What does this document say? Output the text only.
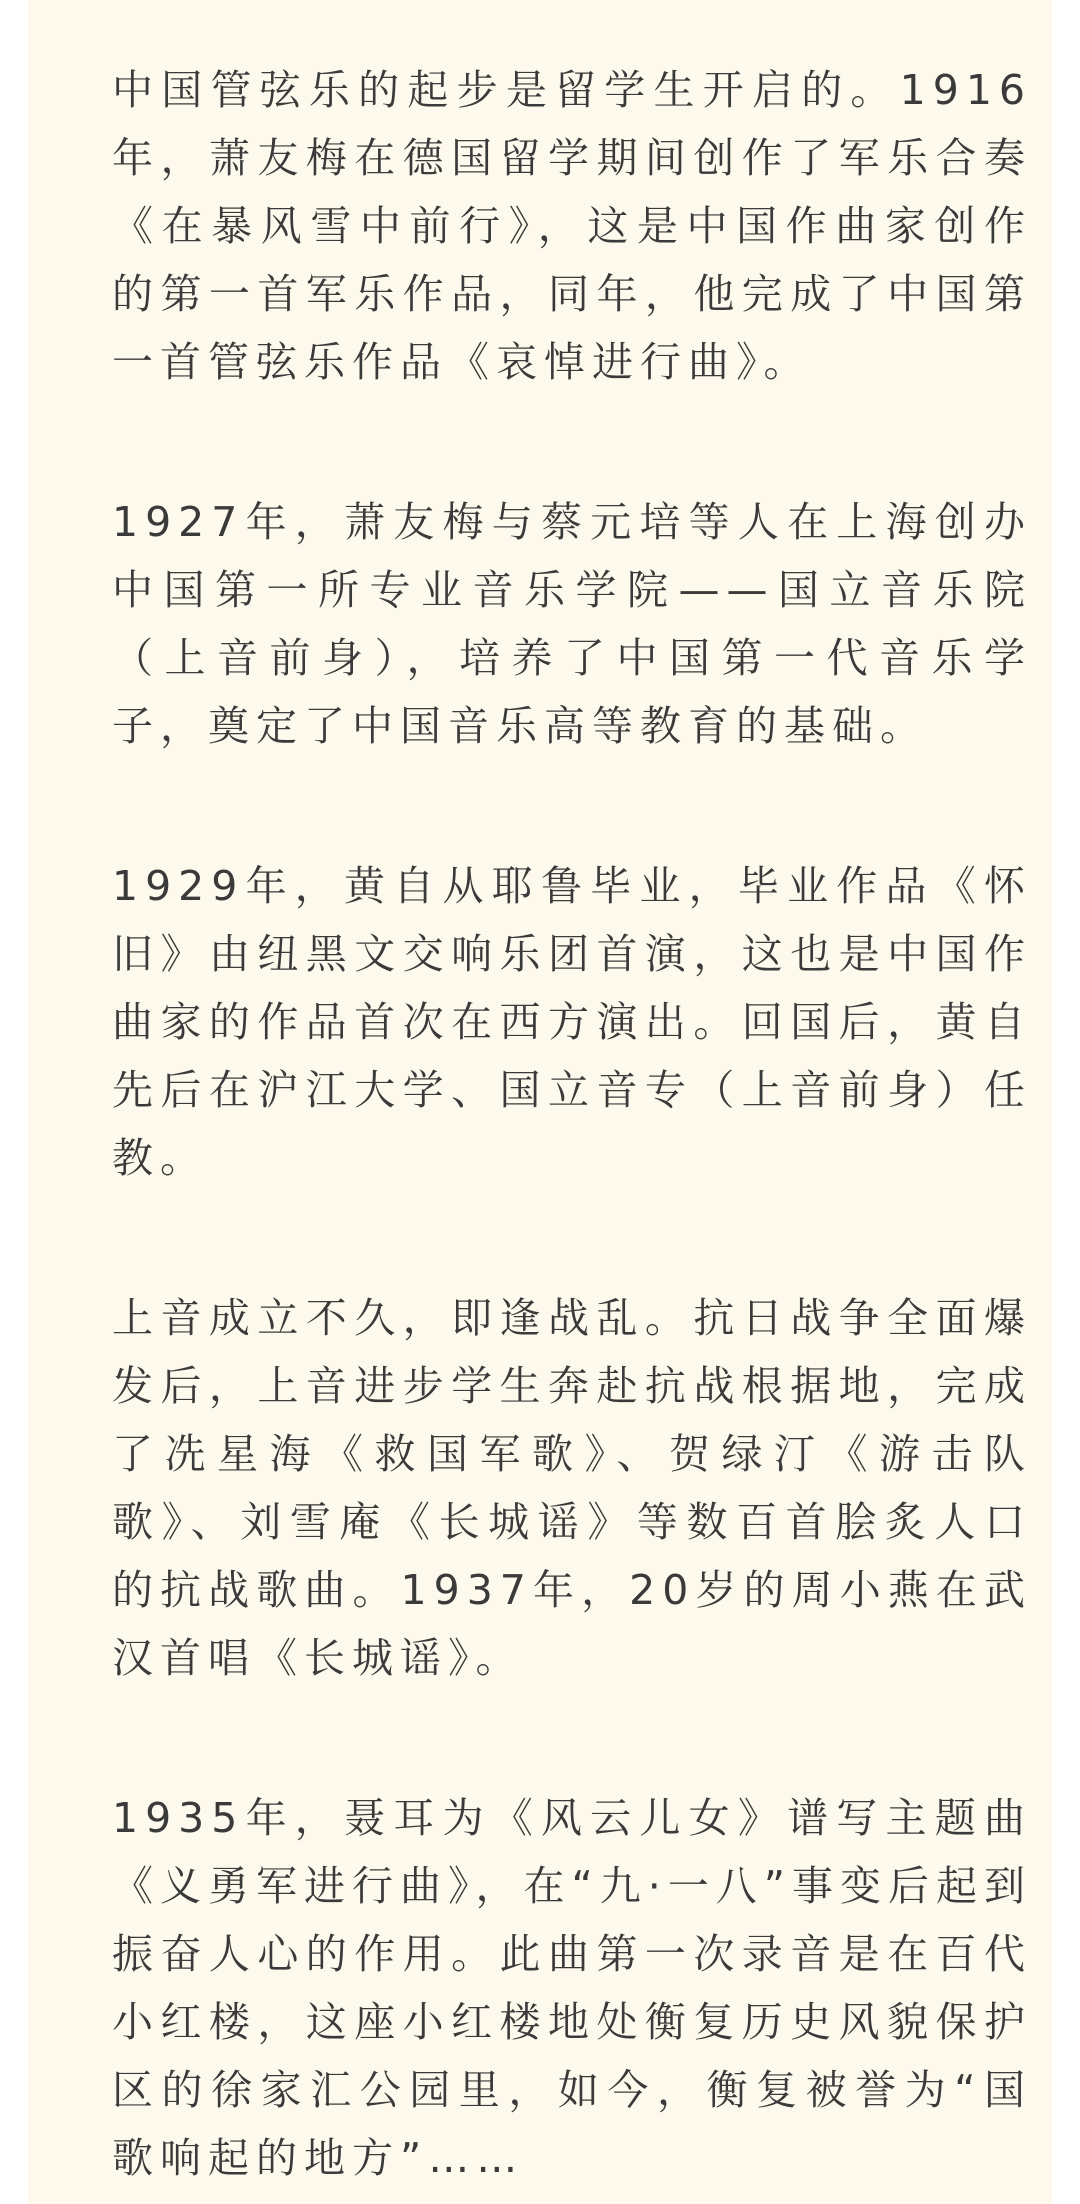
中国管弦乐的起步是留学生开启的。1916年，萧友梅在德国留学期间创作了军乐合奏《在暴风雪中前行》，这是中国作曲家创作的第一首军乐作品，同年，他完成了中国第一首管弦乐作品《哀悼进行曲》。

1927年，萧友梅与蔡元培等人在上海创办中国第一所专业音乐学院——国立音乐院（上音前身），培养了中国第一代音乐学子，奠定了中国音乐高等教育的基础。

1929年，黄自从耶鲁毕业，毕业作品《怀旧》由纽黑文交响乐团首演，这也是中国作曲家的作品首次在西方演出。回国后，黄自先后在沪江大学、国立音专（上音前身）任教。

上音成立不久，即逢战乱。抗日战争全面爆发后，上音进步学生奔赴抗战根据地，完成了冼星海《救国军歌》、贺绿汀《游击队歌》、刘雪庵《长城谣》等数百首脍炙人口的抗战歌曲。1937年，20岁的周小燕在武汉首唱《长城谣》。

1935年，聂耳为《风云儿女》谱写主题曲《义勇军进行曲》，在“九·一八”事变后起到振奋人心的作用。此曲第一次录音是在百代小红楼，这座小红楼地处衡复历史风貌保护区的徐家汇公园里，如今，衡复被誉为“国歌响起的地方”……
